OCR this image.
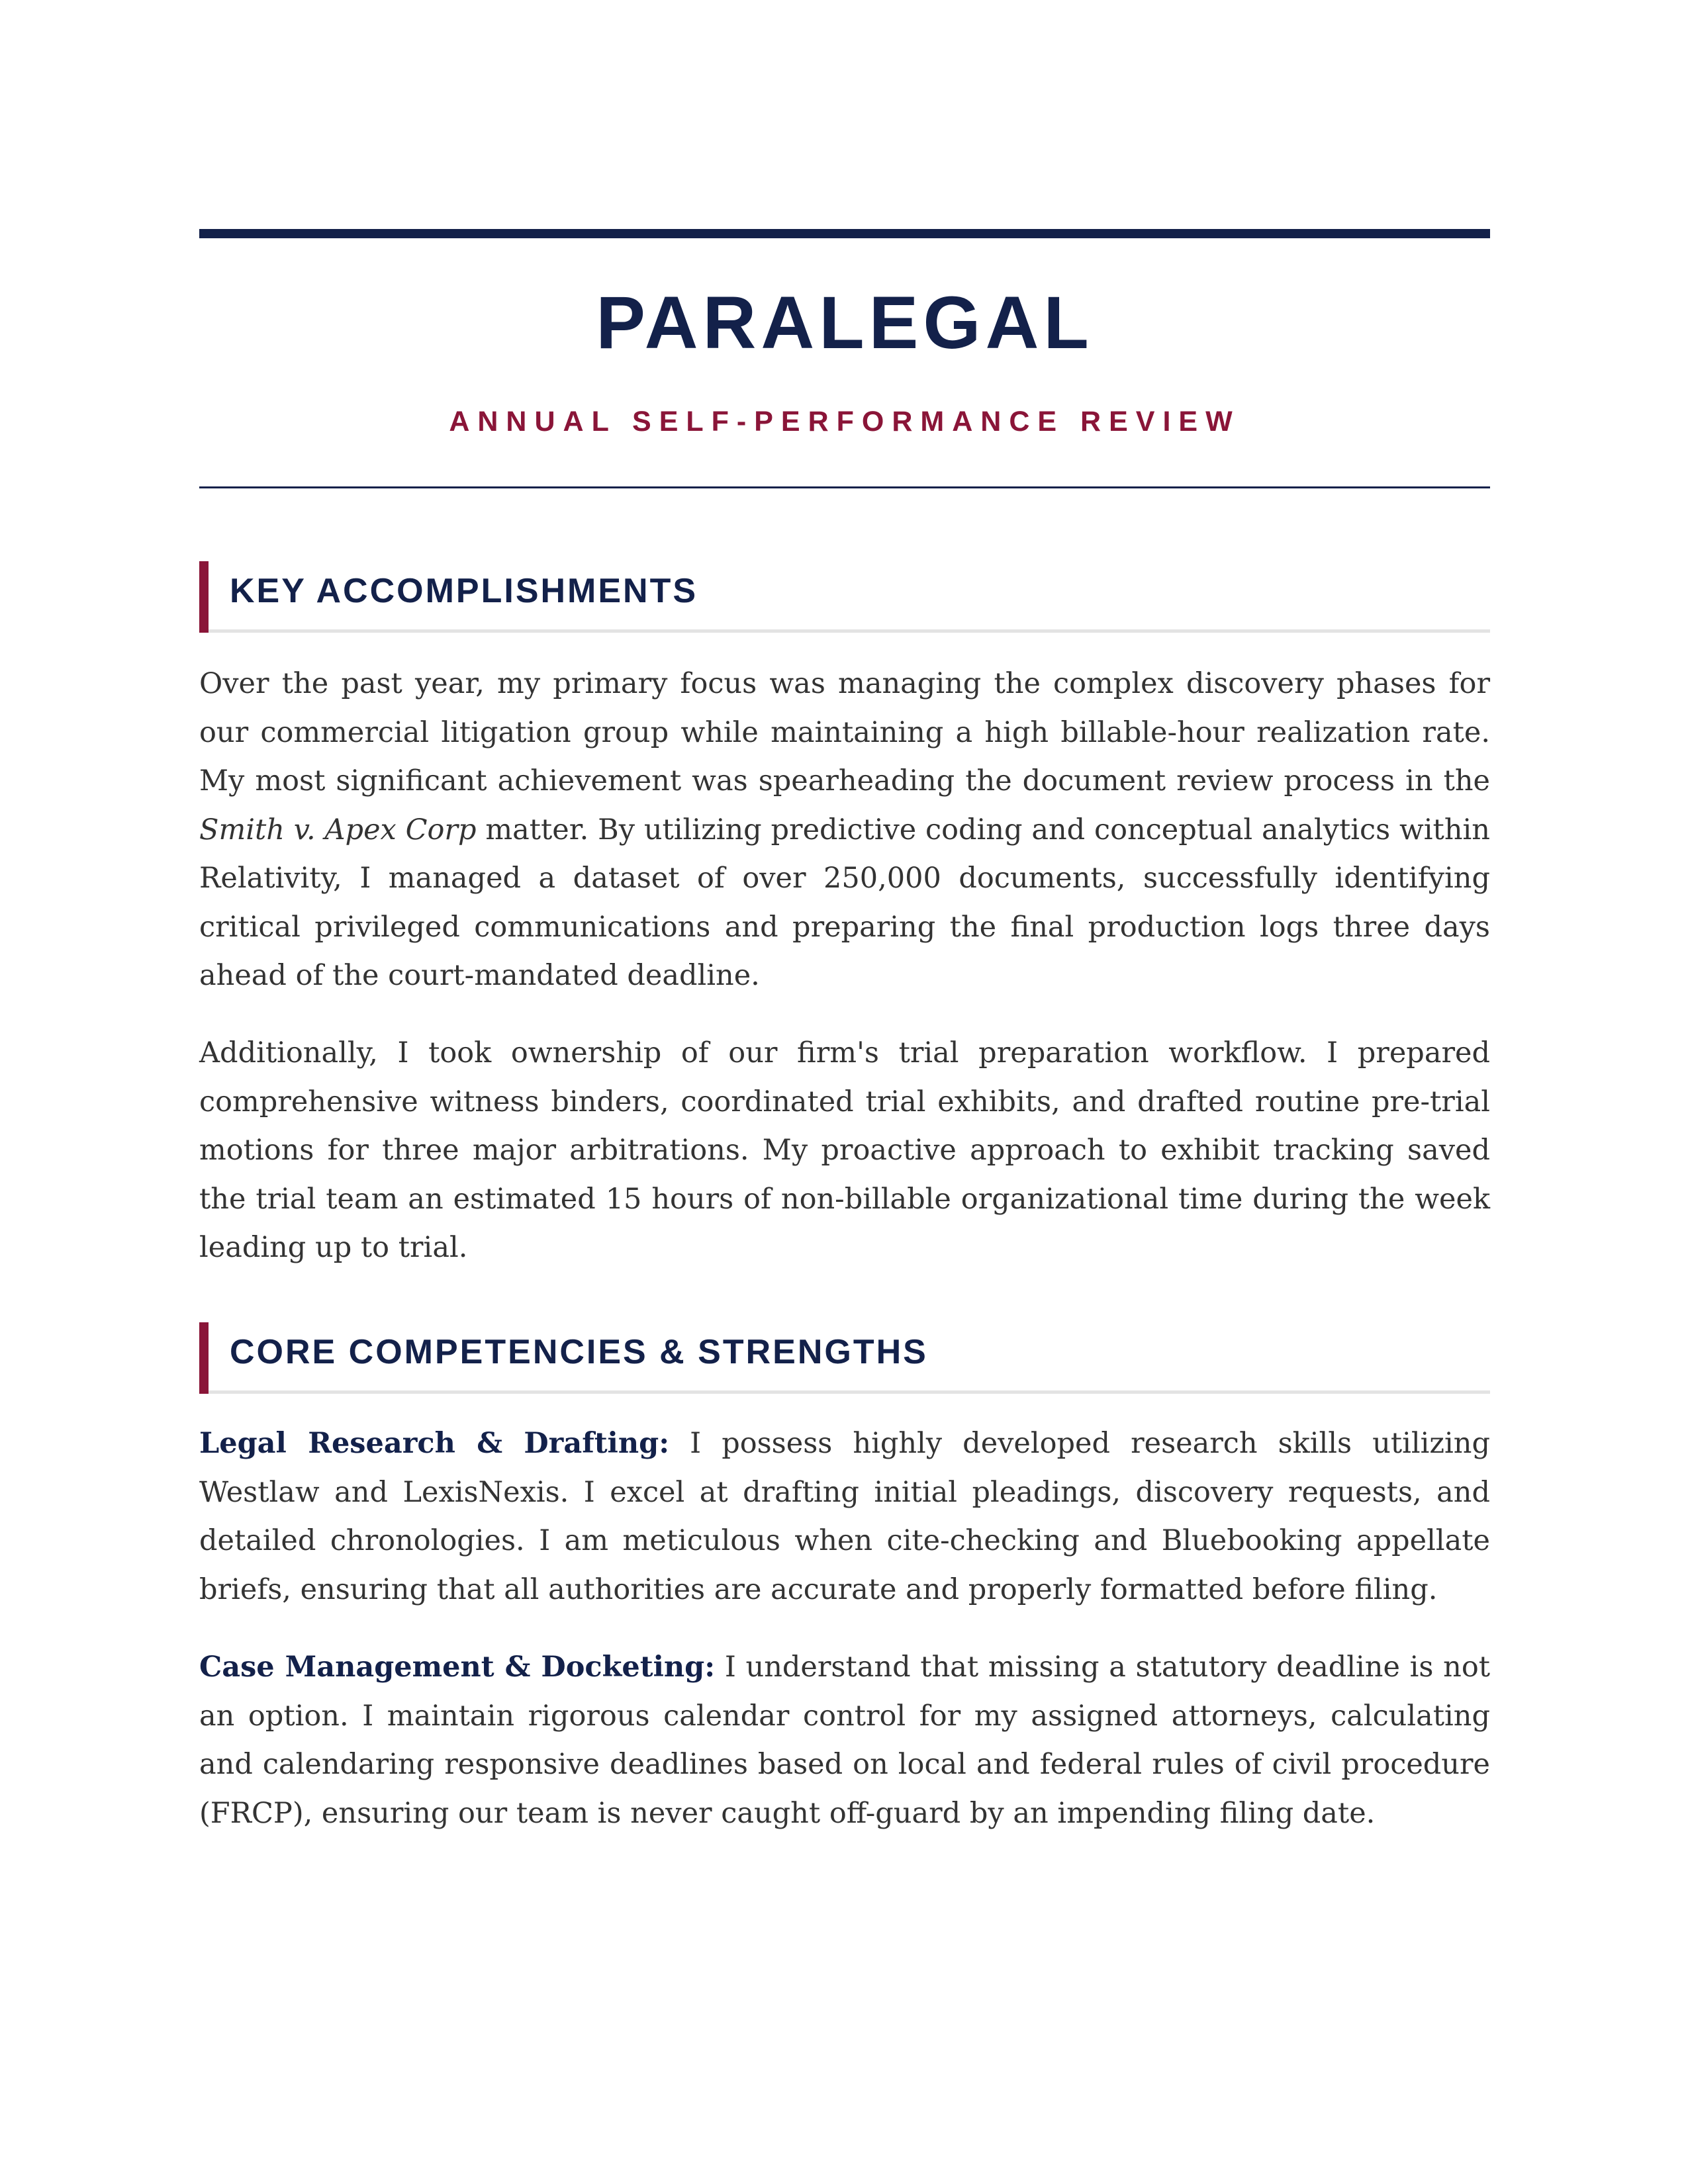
PARALEGAL
ANNUAL SELF-PERFORMANCE REVIEW
KEY ACCOMPLISHMENTS

Over the past year, my primary focus was managing the complex discovery phases for our commercial litigation group while maintaining a high billable-hour realization rate. My most significant achievement was spearheading the document review process in the Smith v. Apex Corp matter. By utilizing predictive coding and conceptual analytics within Relativity, I managed a dataset of over 250,000 documents, successfully identifying critical privileged communications and preparing the final production logs three days ahead of the court-mandated deadline.

Additionally, I took ownership of our firm's trial preparation workflow. I prepared comprehensive witness binders, coordinated trial exhibits, and drafted routine pre-trial motions for three major arbitrations. My proactive approach to exhibit tracking saved the trial team an estimated 15 hours of non-billable organizational time during the week leading up to trial.

CORE COMPETENCIES & STRENGTHS

Legal Research & Drafting: I possess highly developed research skills utilizing Westlaw and LexisNexis. I excel at drafting initial pleadings, discovery requests, and detailed chronologies. I am meticulous when cite-checking and Bluebooking appellate briefs, ensuring that all authorities are accurate and properly formatted before filing.

Case Management & Docketing: I understand that missing a statutory deadline is not an option. I maintain rigorous calendar control for my assigned attorneys, calculating and calendaring responsive deadlines based on local and federal rules of civil procedure (FRCP), ensuring our team is never caught off-guard by an impending filing date.
